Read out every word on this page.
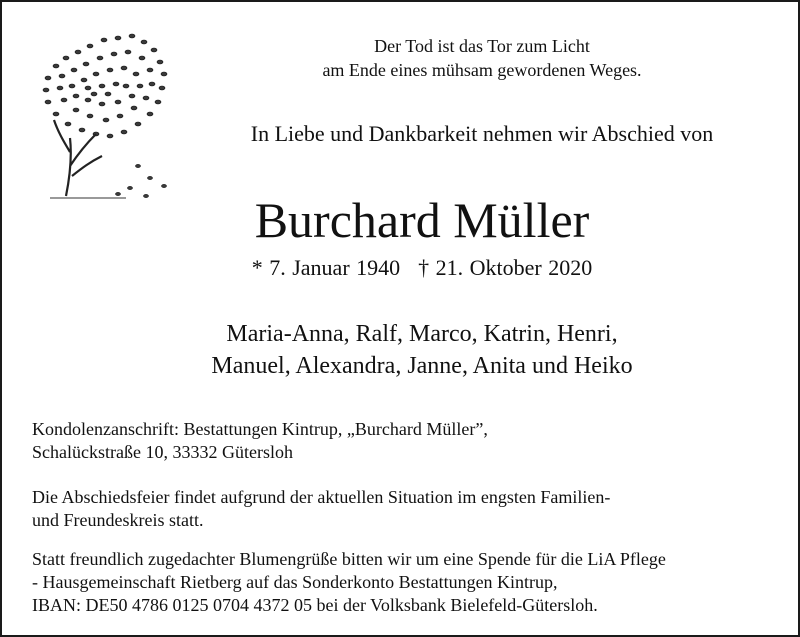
Der Tod ist das Tor zum Licht
am Ende eines mühsam gewordenen Weges.
In Liebe und Dankbarkeit nehmen wir Abschied von
Burchard Müller
* 7. Januar 1940 † 21. Oktober 2020
Maria-Anna, Ralf, Marco, Katrin, Henri,
Manuel, Alexandra, Janne, Anita und Heiko
Kondolenzanschrift: Bestattungen Kintrup, „Burchard Müller”,
Schalückstraße 10, 33332 Gütersloh
Die Abschiedsfeier findet aufgrund der aktuellen Situation im engsten Familien-
und Freundeskreis statt.
Statt freundlich zugedachter Blumengrüße bitten wir um eine Spende für die LiA Pflege
- Hausgemeinschaft Rietberg auf das Sonderkonto Bestattungen Kintrup,
IBAN: DE50 4786 0125 0704 4372 05 bei der Volksbank Bielefeld-Gütersloh.
